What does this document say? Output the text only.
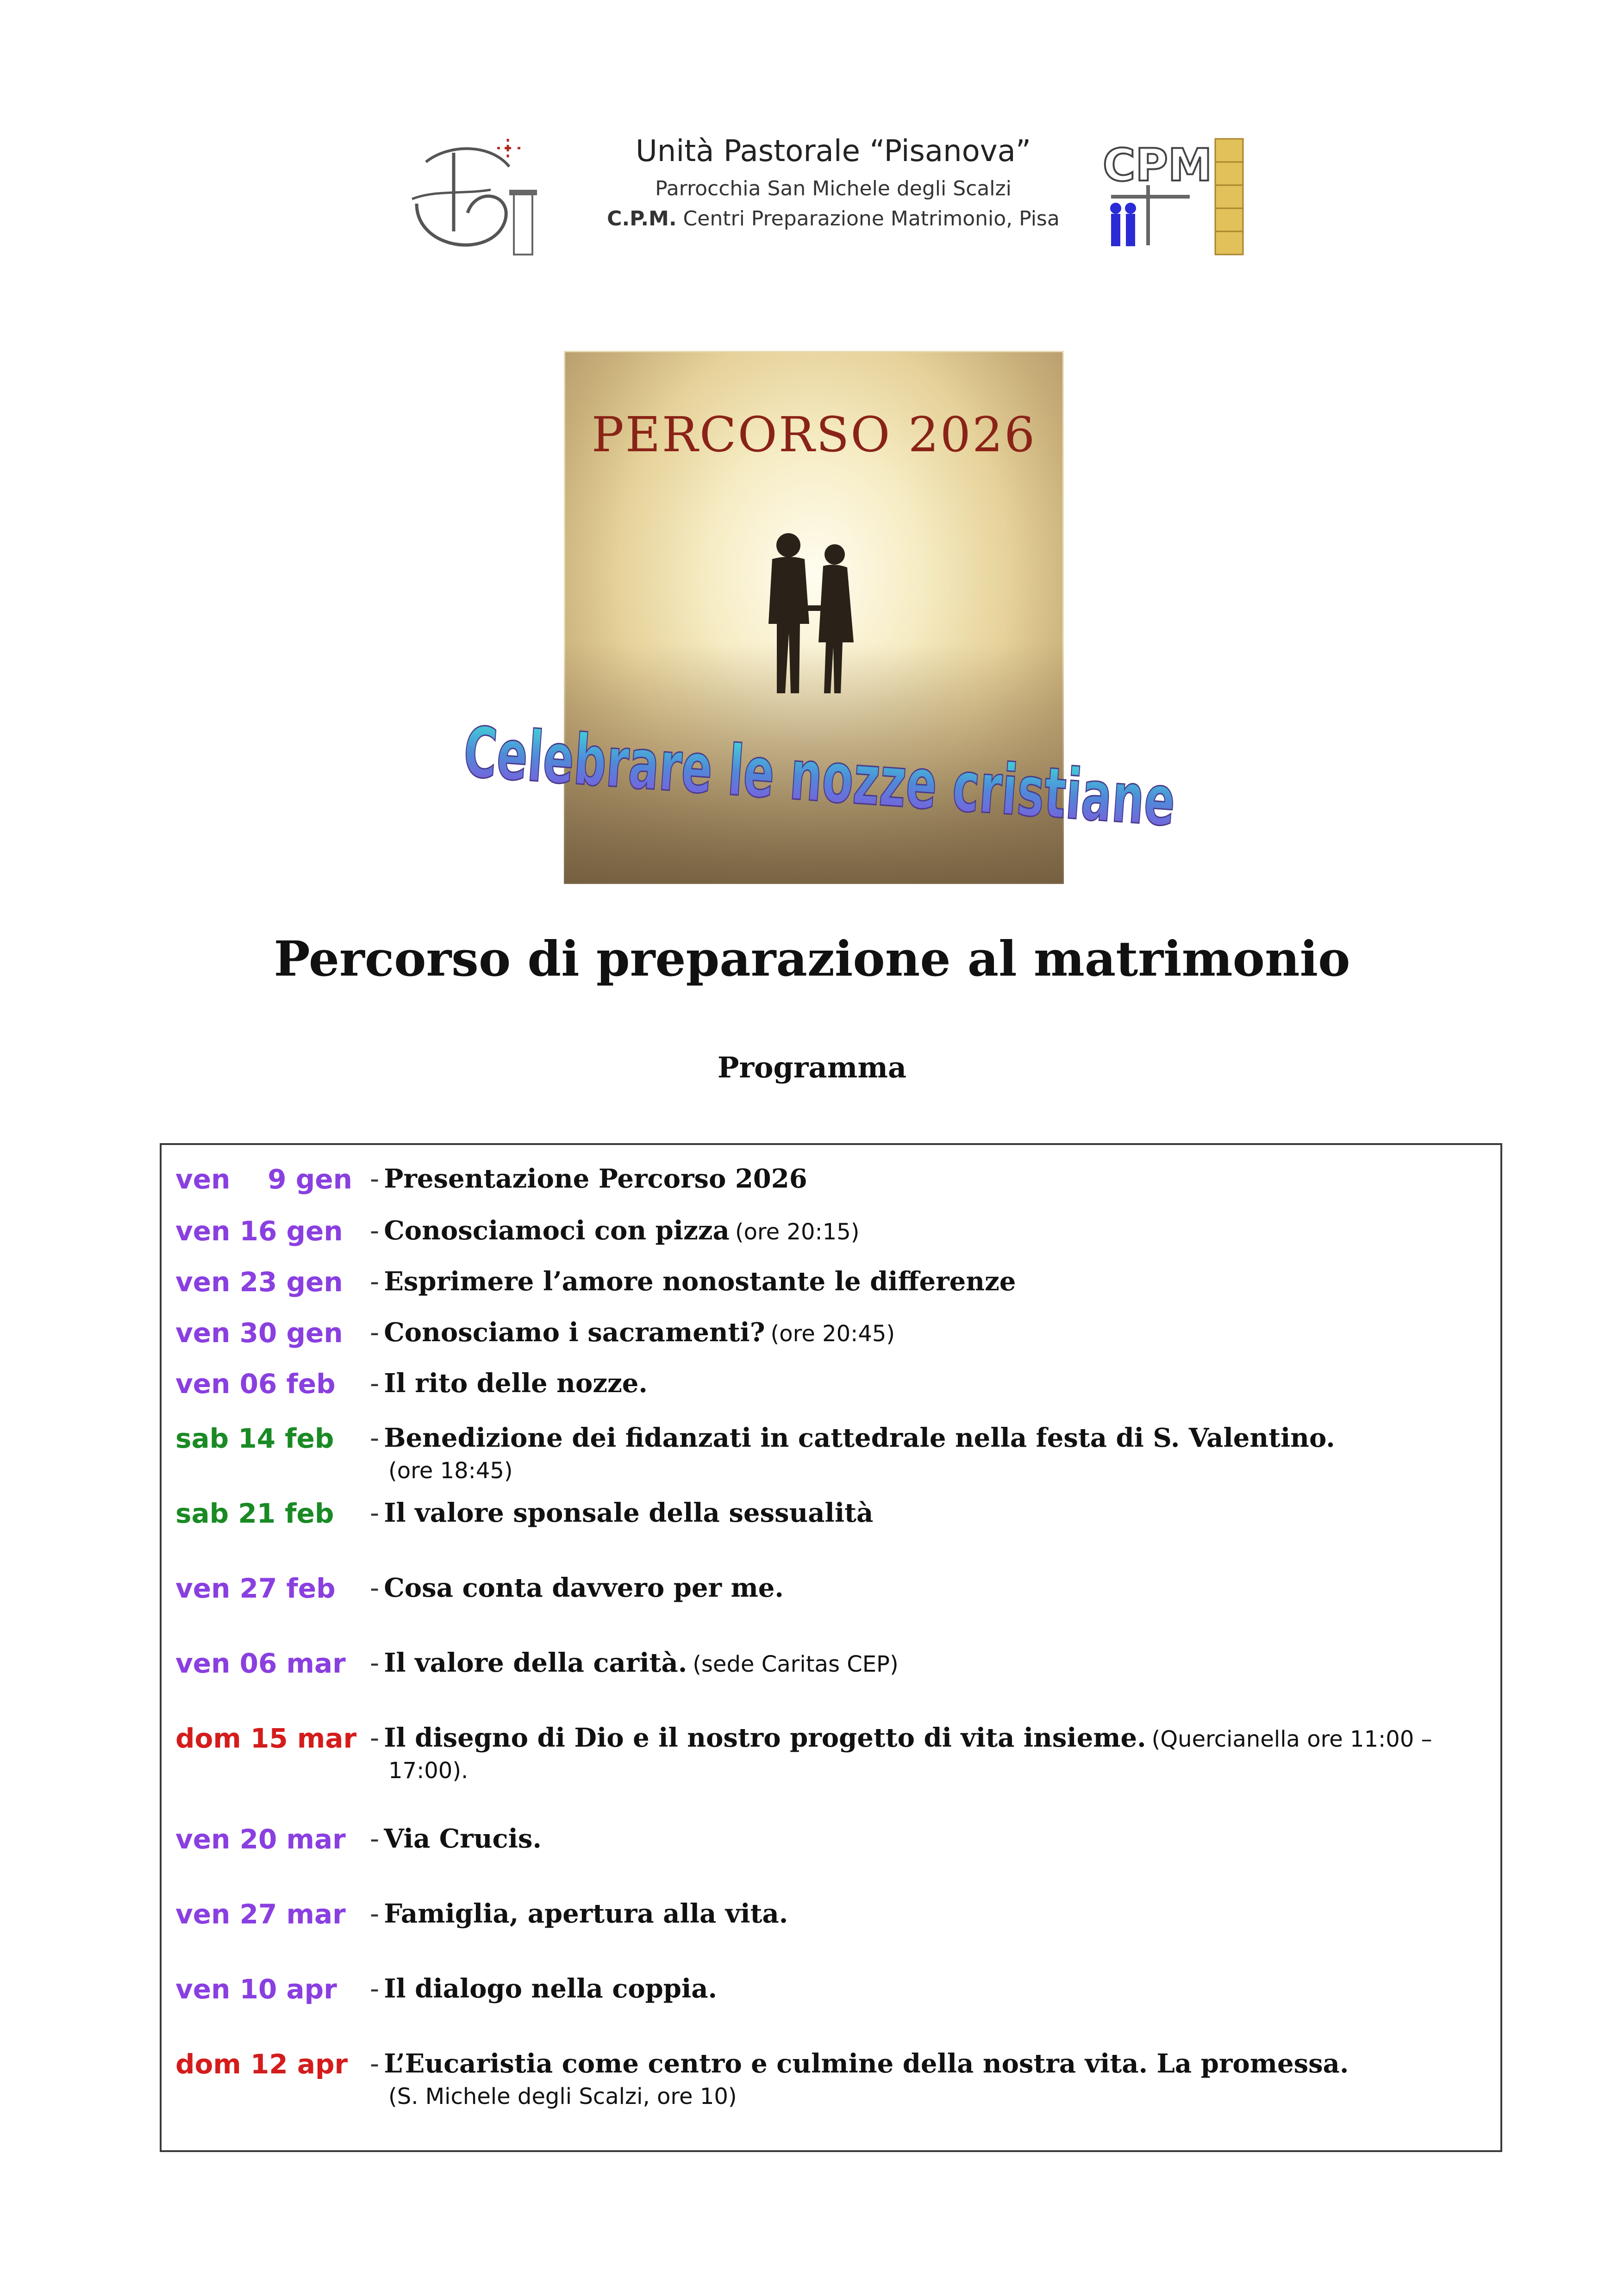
Unità Pastorale “Pisanova”
Parrocchia San Michele degli Scalzi
C.P.M. Centri Preparazione Matrimonio, Pisa
CPM
PERCORSO 2026
Celebrare le nozze cristiane
Percorso di preparazione al matrimonio
Programma
ven    9 gen - Presentazione Percorso 2026
ven 16 gen	- Conosciamoci con pizza (ore 20:15)
ven 23 gen	- Esprimere l’amore nonostante le differenze
ven 30 gen	- Conosciamo i sacramenti? (ore 20:45)
ven 06 feb	- Il rito delle nozze.
sab 14 feb	- Benedizione dei fidanzati in cattedrale nella festa di S. Valentino.
(ore 18:45)
sab 21 feb	- Il valore sponsale della sessualità
ven 27 feb	- Cosa conta davvero per me.
ven 06 mar - Il valore della carità. (sede Caritas CEP)
dom 15 mar - Il disegno di Dio e il nostro progetto di vita insieme. (Quercianella ore 11:00 –
17:00).
ven 20 mar - Via Crucis.
ven 27 mar - Famiglia, apertura alla vita.
ven 10 apr	- Il dialogo nella coppia.
dom 12 apr - L’Eucaristia come centro e culmine della nostra vita. La promessa.
(S. Michele degli Scalzi, ore 10)
